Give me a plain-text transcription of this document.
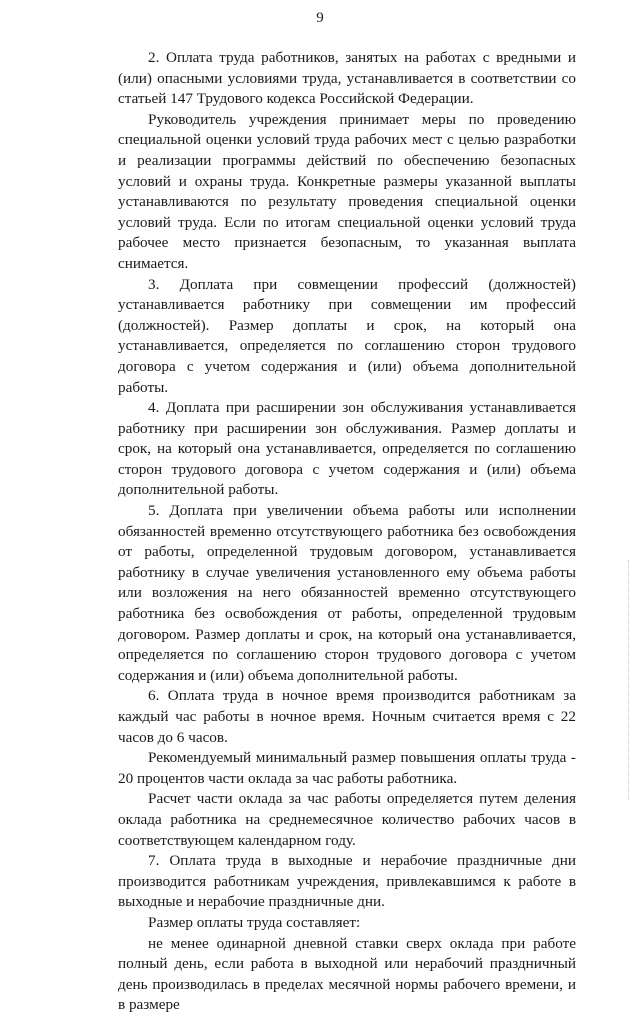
9

2. Оплата труда работников, занятых на работах с вредными и (или) опасными условиями труда, устанавливается в соответствии со статьей 147 Трудового кодекса Российской Федерации.

Руководитель учреждения принимает меры по проведению специальной оценки условий труда рабочих мест с целью разработки и реализации программы действий по обеспечению безопасных условий и охраны труда. Конкретные размеры указанной выплаты устанавливаются по результату проведения специальной оценки условий труда. Если по итогам специальной оценки условий труда рабочее место признается безопасным, то указанная выплата снимается.

3. Доплата при совмещении профессий (должностей) устанавливается работнику при совмещении им профессий (должностей). Размер доплаты и срок, на который она устанавливается, определяется по соглашению сторон трудового договора с учетом содержания и (или) объема дополнительной работы.

4. Доплата при расширении зон обслуживания устанавливается работнику при расширении зон обслуживания. Размер доплаты и срок, на который она устанавливается, определяется по соглашению сторон трудового договора с учетом содержания и (или) объема дополнительной работы.

5. Доплата при увеличении объема работы или исполнении обязанностей временно отсутствующего работника без освобождения от работы, определенной трудовым договором, устанавливается работнику в случае увеличения установленного ему объема работы или возложения на него обязанностей временно отсутствующего работника без освобождения от работы, определенной трудовым договором. Размер доплаты и срок, на который она устанавливается, определяется по соглашению сторон трудового договора с учетом содержания и (или) объема дополнительной работы.

6. Оплата труда в ночное время производится работникам за каждый час работы в ночное время. Ночным считается время с 22 часов до 6 часов.

Рекомендуемый минимальный размер повышения оплаты труда - 20 процентов части оклада за час работы работника.

Расчет части оклада за час работы определяется путем деления оклада работника на среднемесячное количество рабочих часов в соответствующем календарном году.

7. Оплата труда в выходные и нерабочие праздничные дни производится работникам учреждения, привлекавшимся к работе в выходные и нерабочие праздничные дни.

Размер оплаты труда составляет:

не менее одинарной дневной ставки сверх оклада при работе полный день, если работа в выходной или нерабочий праздничный день производилась в пределах месячной нормы рабочего времени, и в размере
